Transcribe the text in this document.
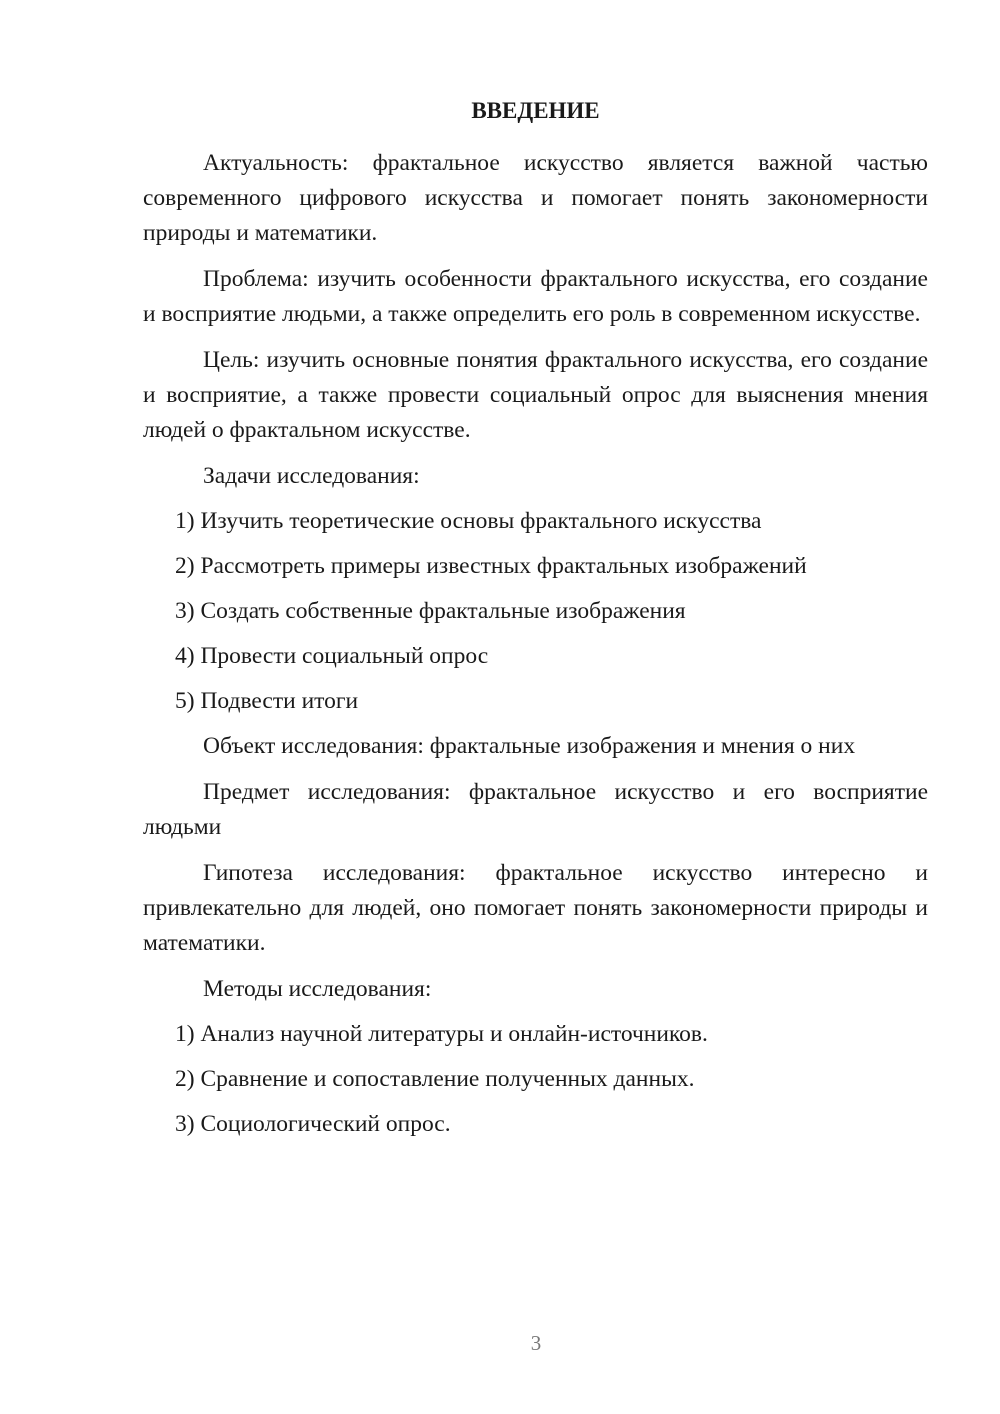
ВВЕДЕНИЕ

Актуальность: фрактальное искусство является важной частью современного цифрового искусства и помогает понять закономерности природы и математики.

Проблема: изучить особенности фрактального искусства, его создание и восприятие людьми, а также определить его роль в современном искусстве.

Цель: изучить основные понятия фрактального искусства, его создание и восприятие, а также провести социальный опрос для выяснения мнения людей о фрактальном искусстве.

Задачи исследования:
1) Изучить теоретические основы фрактального искусства
2) Рассмотреть примеры известных фрактальных изображений
3) Создать собственные фрактальные изображения
4) Провести социальный опрос
5) Подвести итоги

Объект исследования: фрактальные изображения и мнения о них

Предмет исследования: фрактальное искусство и его восприятие людьми

Гипотеза исследования: фрактальное искусство интересно и привлекательно для людей, оно помогает понять закономерности природы и математики.

Методы исследования:
1) Анализ научной литературы и онлайн-источников.
2) Сравнение и сопоставление полученных данных.
3) Социологический опрос.
3
